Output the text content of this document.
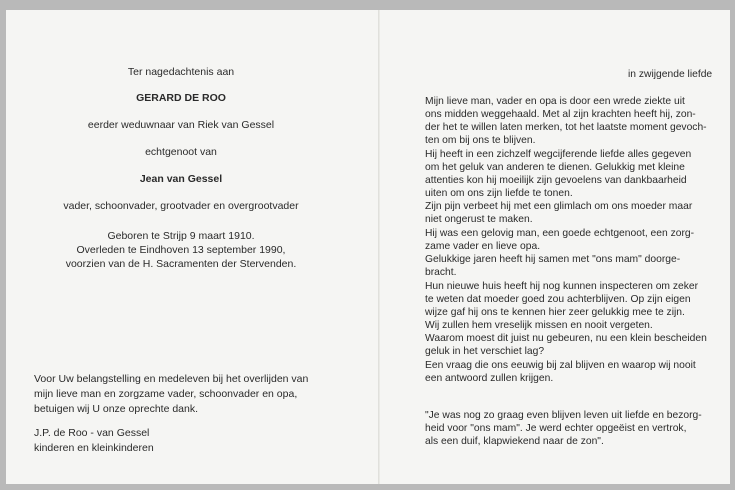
Ter nagedachtenis aan
GERARD DE ROO
eerder weduwnaar van Riek van Gessel
echtgenoot van
Jean van Gessel
vader, schoonvader, grootvader en overgrootvader
Geboren te Strijp 9 maart 1910.
Overleden te Eindhoven 13 september 1990,
voorzien van de H. Sacramenten der Stervenden.
Voor Uw belangstelling en medeleven bij het overlijden van
mijn lieve man en zorgzame vader, schoonvader en opa,
betuigen wij U onze oprechte dank.
J.P. de Roo - van Gessel
kinderen en kleinkinderen
in zwijgende liefde
Mijn lieve man, vader en opa is door een wrede ziekte uit
ons midden weggehaald. Met al zijn krachten heeft hij, zon-
der het te willen laten merken, tot het laatste moment gevoch-
ten om bij ons te blijven.
Hij heeft in een zichzelf wegcijferende liefde alles gegeven
om het geluk van anderen te dienen. Gelukkig met kleine
attenties kon hij moeilijk zijn gevoelens van dankbaarheid
uiten om ons zijn liefde te tonen.
Zijn pijn verbeet hij met een glimlach om ons moeder maar
niet ongerust te maken.
Hij was een gelovig man, een goede echtgenoot, een zorg-
zame vader en lieve opa.
Gelukkige jaren heeft hij samen met "ons mam" doorge-
bracht.
Hun nieuwe huis heeft hij nog kunnen inspecteren om zeker
te weten dat moeder goed zou achterblijven. Op zijn eigen
wijze gaf hij ons te kennen hier zeer gelukkig mee te zijn.
Wij zullen hem vreselijk missen en nooit vergeten.
Waarom moest dit juist nu gebeuren, nu een klein bescheiden
geluk in het verschiet lag?
Een vraag die ons eeuwig bij zal blijven en waarop wij nooit
een antwoord zullen krijgen.
"Je was nog zo graag even blijven leven uit liefde en bezorg-
heid voor "ons mam". Je werd echter opgeëist en vertrok,
als een duif, klapwiekend naar de zon".
